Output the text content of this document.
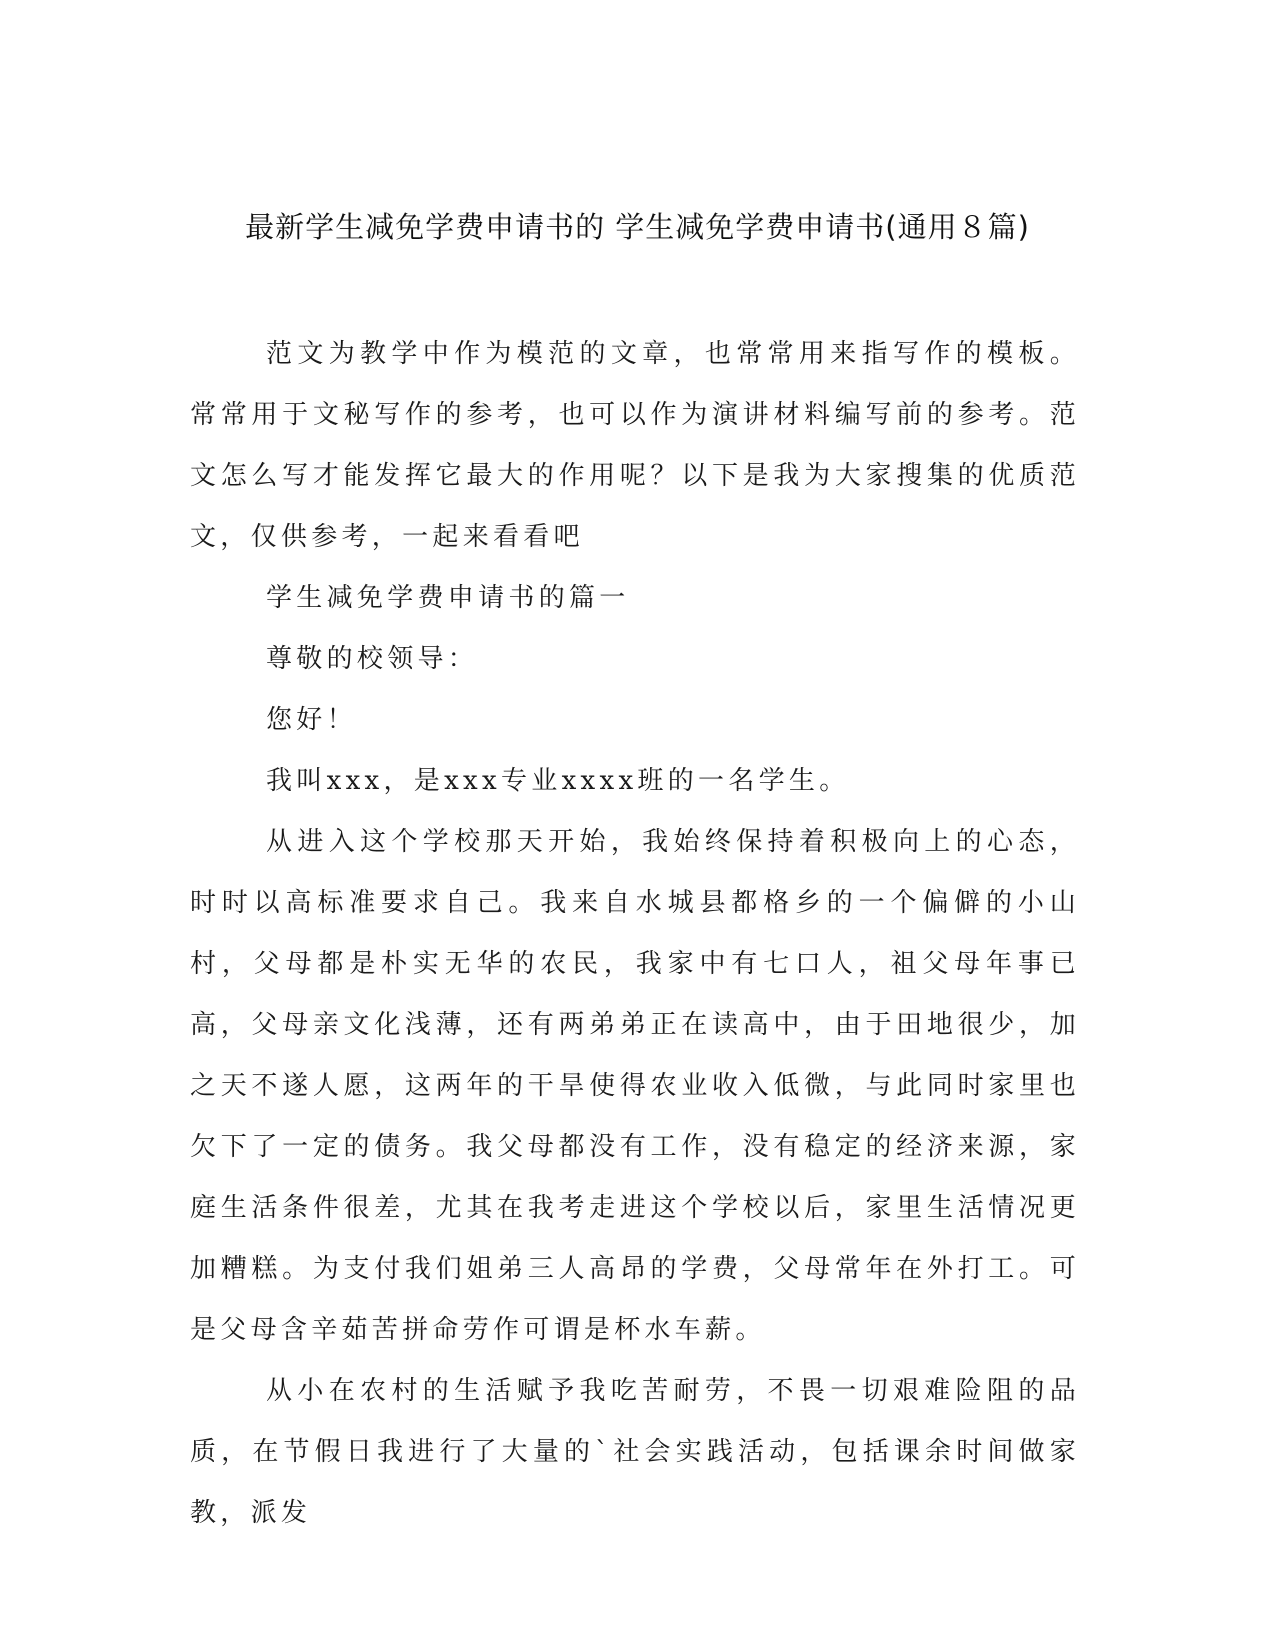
最新学生减免学费申请书的 学生减免学费申请书(通用８篇)

范文为教学中作为模范的文章，也常常用来指写作的模板。常常用于文秘写作的参考，也可以作为演讲材料编写前的参考。范文怎么写才能发挥它最大的作用呢？以下是我为大家搜集的优质范文，仅供参考，一起来看看吧

学生减免学费申请书的篇一

尊敬的校领导：

您好！

我叫xxx，是xxx专业xxxx班的一名学生。

从进入这个学校那天开始，我始终保持着积极向上的心态，时时以高标准要求自己。我来自水城县都格乡的一个偏僻的小山村，父母都是朴实无华的农民，我家中有七口人，祖父母年事已高，父母亲文化浅薄，还有两弟弟正在读高中，由于田地很少，加之天不遂人愿，这两年的干旱使得农业收入低微，与此同时家里也欠下了一定的债务。我父母都没有工作，没有稳定的经济来源，家庭生活条件很差，尤其在我考走进这个学校以后，家里生活情况更加糟糕。为支付我们姐弟三人高昂的学费，父母常年在外打工。可是父母含辛茹苦拼命劳作可谓是杯水车薪。

从小在农村的生活赋予我吃苦耐劳，不畏一切艰难险阻的品质，在节假日我进行了大量的`社会实践活动，包括课余时间做家教，派发
